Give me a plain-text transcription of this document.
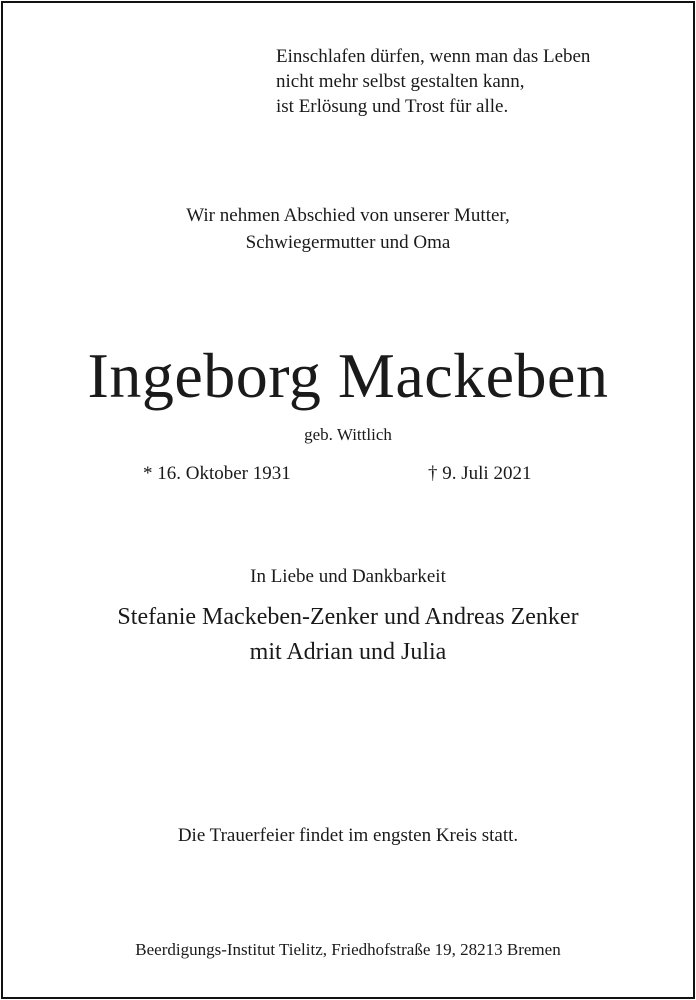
Einschlafen dürfen, wenn man das Leben
nicht mehr selbst gestalten kann,
ist Erlösung und Trost für alle.
Wir nehmen Abschied von unserer Mutter,
Schwiegermutter und Oma
Ingeborg Mackeben
geb. Wittlich
* 16. Oktober 1931	† 9. Juli 2021
In Liebe und Dankbarkeit
Stefanie Mackeben-Zenker und Andreas Zenker
mit Adrian und Julia
Die Trauerfeier findet im engsten Kreis statt.
Beerdigungs-Institut Tielitz, Friedhofstraße 19, 28213 Bremen
